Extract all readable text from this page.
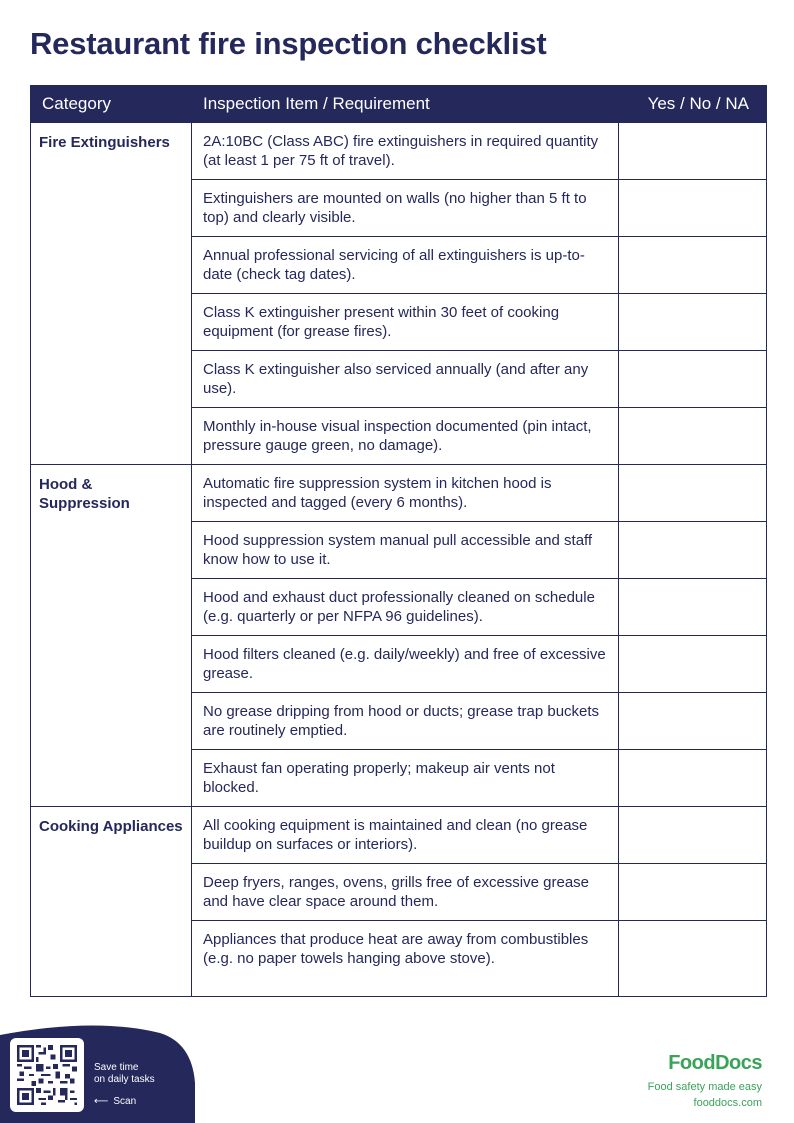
Restaurant fire inspection checklist
Category	Inspection Item / Requirement	Yes / No / NA
Fire Extinguishers	2A:10BC (Class ABC) fire extinguishers in required quantity (at least 1 per 75 ft of travel).	
	Extinguishers are mounted on walls (no higher than 5 ft to top) and clearly visible.	
	Annual professional servicing of all extinguishers is up-to-date (check tag dates).	
	Class K extinguisher present within 30 feet of cooking equipment (for grease fires).	
	Class K extinguisher also serviced annually (and after any use).	
	Monthly in-house visual inspection documented (pin intact, pressure gauge green, no damage).	
Hood & Suppression	Automatic fire suppression system in kitchen hood is inspected and tagged (every 6 months).	
	Hood suppression system manual pull accessible and staff know how to use it.	
	Hood and exhaust duct professionally cleaned on schedule (e.g. quarterly or per NFPA 96 guidelines).	
	Hood filters cleaned (e.g. daily/weekly) and free of excessive grease.	
	No grease dripping from hood or ducts; grease trap buckets are routinely emptied.	
	Exhaust fan operating properly; makeup air vents not blocked.	
Cooking Appliances	All cooking equipment is maintained and clean (no grease buildup on surfaces or interiors).	
	Deep fryers, ranges, ovens, grills free of excessive grease and have clear space around them.	
	Appliances that produce heat are away from combustibles (e.g. no paper towels hanging above stove).	
Save time
on daily tasks
⟵ Scan
FoodDocs
Food safety made easy
fooddocs.com
